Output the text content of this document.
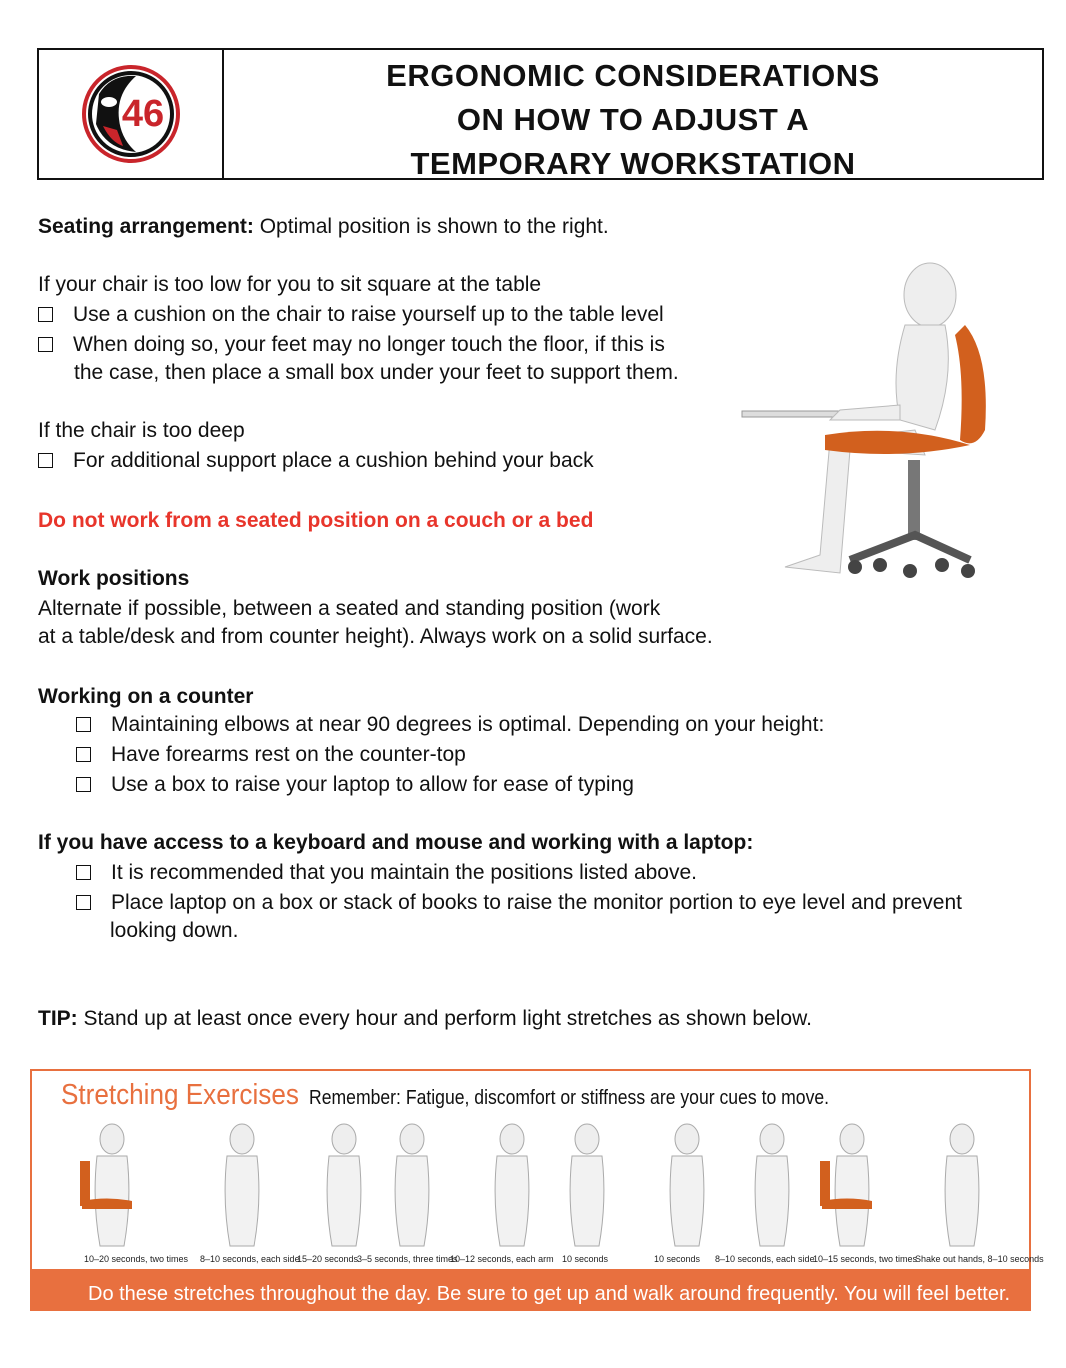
46
ERGONOMIC CONSIDERATIONS
ON HOW TO ADJUST A
TEMPORARY WORKSTATION
Seating arrangement: Optimal position is shown to the right.
If your chair is too low for you to sit square at the table
Use a cushion on the chair to raise yourself up to the table level
When doing so, your feet may no longer touch the floor, if this is
the case, then place a small box under your feet to support them.
If the chair is too deep
For additional support place a cushion behind your back
Do not work from a seated position on a couch or a bed
Work positions
Alternate if possible, between a seated and standing position (work
at a table/desk and from counter height). Always work on a solid surface.
Working on a counter
Maintaining elbows at near 90 degrees is optimal. Depending on your height:
Have forearms rest on the counter-top
Use a box to raise your laptop to allow for ease of typing
If you have access to a keyboard and mouse and working with a laptop:
It is recommended that you maintain the positions listed above.
Place laptop on a box or stack of books to raise the monitor portion to eye level and prevent
looking down.
TIP: Stand up at least once every hour and perform light stretches as shown below.
Stretching Exercises Remember: Fatigue, discomfort or stiffness are your cues to move.
10–20 seconds, two times 8–10 seconds, each side
15–20 seconds
3–5 seconds, three times
10–12 seconds, each arm 10 seconds	10 seconds 8–10 seconds, each side
10–15 seconds, two times
Shake out hands, 8–10 seconds
Do these stretches throughout the day. Be sure to get up and walk around frequently. You will feel better.
